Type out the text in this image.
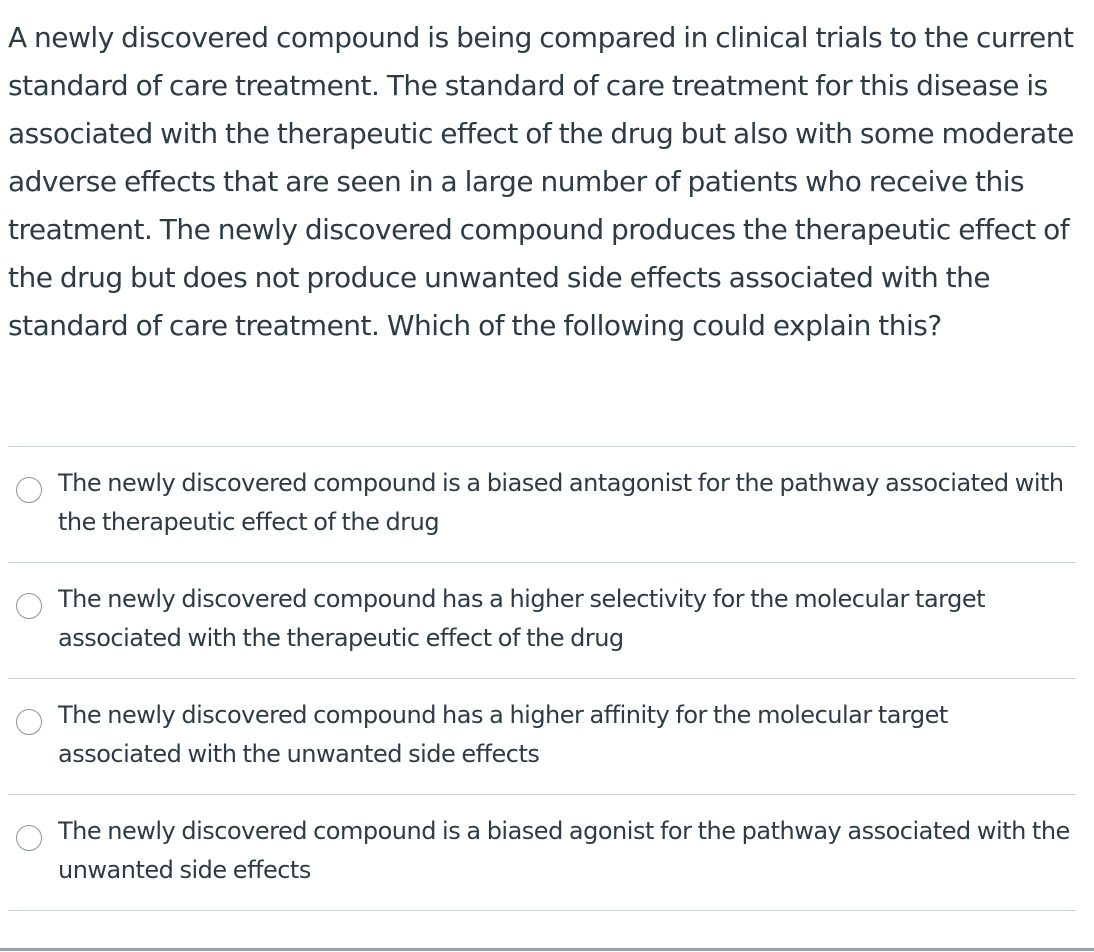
A newly discovered compound is being compared in clinical trials to the current standard of care treatment. The standard of care treatment for this disease is associated with the therapeutic effect of the drug but also with some moderate adverse effects that are seen in a large number of patients who receive this treatment. The newly discovered compound produces the therapeutic effect of the drug but does not produce unwanted side effects associated with the standard of care treatment. Which of the following could explain this?

The newly discovered compound is a biased antagonist for the pathway associated with the therapeutic effect of the drug

The newly discovered compound has a higher selectivity for the molecular target associated with the therapeutic effect of the drug

The newly discovered compound has a higher affinity for the molecular target associated with the unwanted side effects

The newly discovered compound is a biased agonist for the pathway associated with the unwanted side effects
